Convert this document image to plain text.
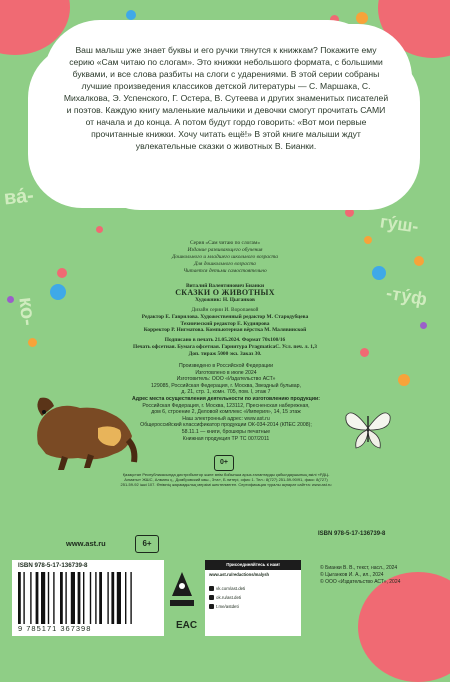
ва́-
гу́ш-
ко-
-ту́ф
Ваш малыш уже знает буквы и его ручки тянутся к книжкам? Покажите ему серию «Сам читаю по слогам». Это книжки небольшого формата, с большими буквами, и все слова разбиты на слоги с ударениями. В этой серии собраны лучшие произведения классиков детской литературы — С. Маршака, С. Михалкова, Э. Успенского, Г. Остера, В. Сутеева и других знаменитых писателей и поэтов. Каждую книгу маленькие мальчики и девочки смогут прочитать САМИ от начала и до конца. А потом будут гордо говорить: «Вот мои первые прочитанные книжки. Хочу читать ещё!» В этой книге малыши ждут увлекательные сказки о животных В. Бианки.
Серия «Сам читаю по слогам»
Издание развивающего обучения
Дошкольного и младшего школьного возраста
Для дошкольного возраста
Читается детьми самостоятельно
Виталий Валентинович Бианки
СКАЗКИ О ЖИВОТНЫХ
Художник: Н. Цыганков
Дизайн серии И. Воропаевой
Редактор Е. Гаврилова. Художественный редактор М. Стародубцева
Технический редактор Е. Кудиярова
Корректор Р. Нигматова. Компьютерная вёрстка М. Малявинской
Подписано в печать 21.05.2024. Формат 70х100/16
Печать офсетная. Бумага офсетная. Гарнитура PragmaticaC. Усл. печ. л. 1,3
Доп. тираж 5000 экз. Заказ 30.
Произведено в Российской Федерации
Изготовлено в июле 2024
Изготовитель: ООО «Издательство АСТ»
129085, Российская Федерация, г. Москва, Звездный бульвар,
д. 21, стр. 1, комн. 705, пом. I, этаж 7
Адрес места осуществления деятельности по изготовлению продукции:
Российская Федерация, г. Москва, 123112, Пресненская набережная,
дом 6, строение 2, Деловой комплекс «Империя», 14, 15 этаж
Наш электронный адрес: www.ast.ru
Общероссийский классификатор продукции ОК-034-2014 (КПЕС 2008);
58.11.1 — книги, брошюры печатные
Книжная продукция ТР ТС 007/2011
0+
Қазақстан Республикасында дистрибьютор және өнім бойынша арыз-талаптарды қабылдаушының өкілі «РДЦ-Алматы» ЖШС, Алматы қ., Домбровский көш., 3«а», Б литері, офис 1. Тел.: 8(727) 251-59-90/91, факс: 8(727) 251-59-92 ішкі 107. Өнімнің жарамдылық мерзімі шектелмеген. Сертификация туралы ақпарат сайтта: www.ast.ru
ISBN 978-5-17-136739-8
www.ast.ru	6+
ISBN 978-5-17-136739-8
9 785171 367398	EAC
Присоединяйтесь к нам!
www.ast.ru/redactions/malysh
vk.com/ast.deti
ok.ru/ast.deti
t.me/astdeti
© Бианки В. В., текст, насл., 2024
© Цыганков И. А., ил., 2024
© ООО «Издательство АСТ», 2024
